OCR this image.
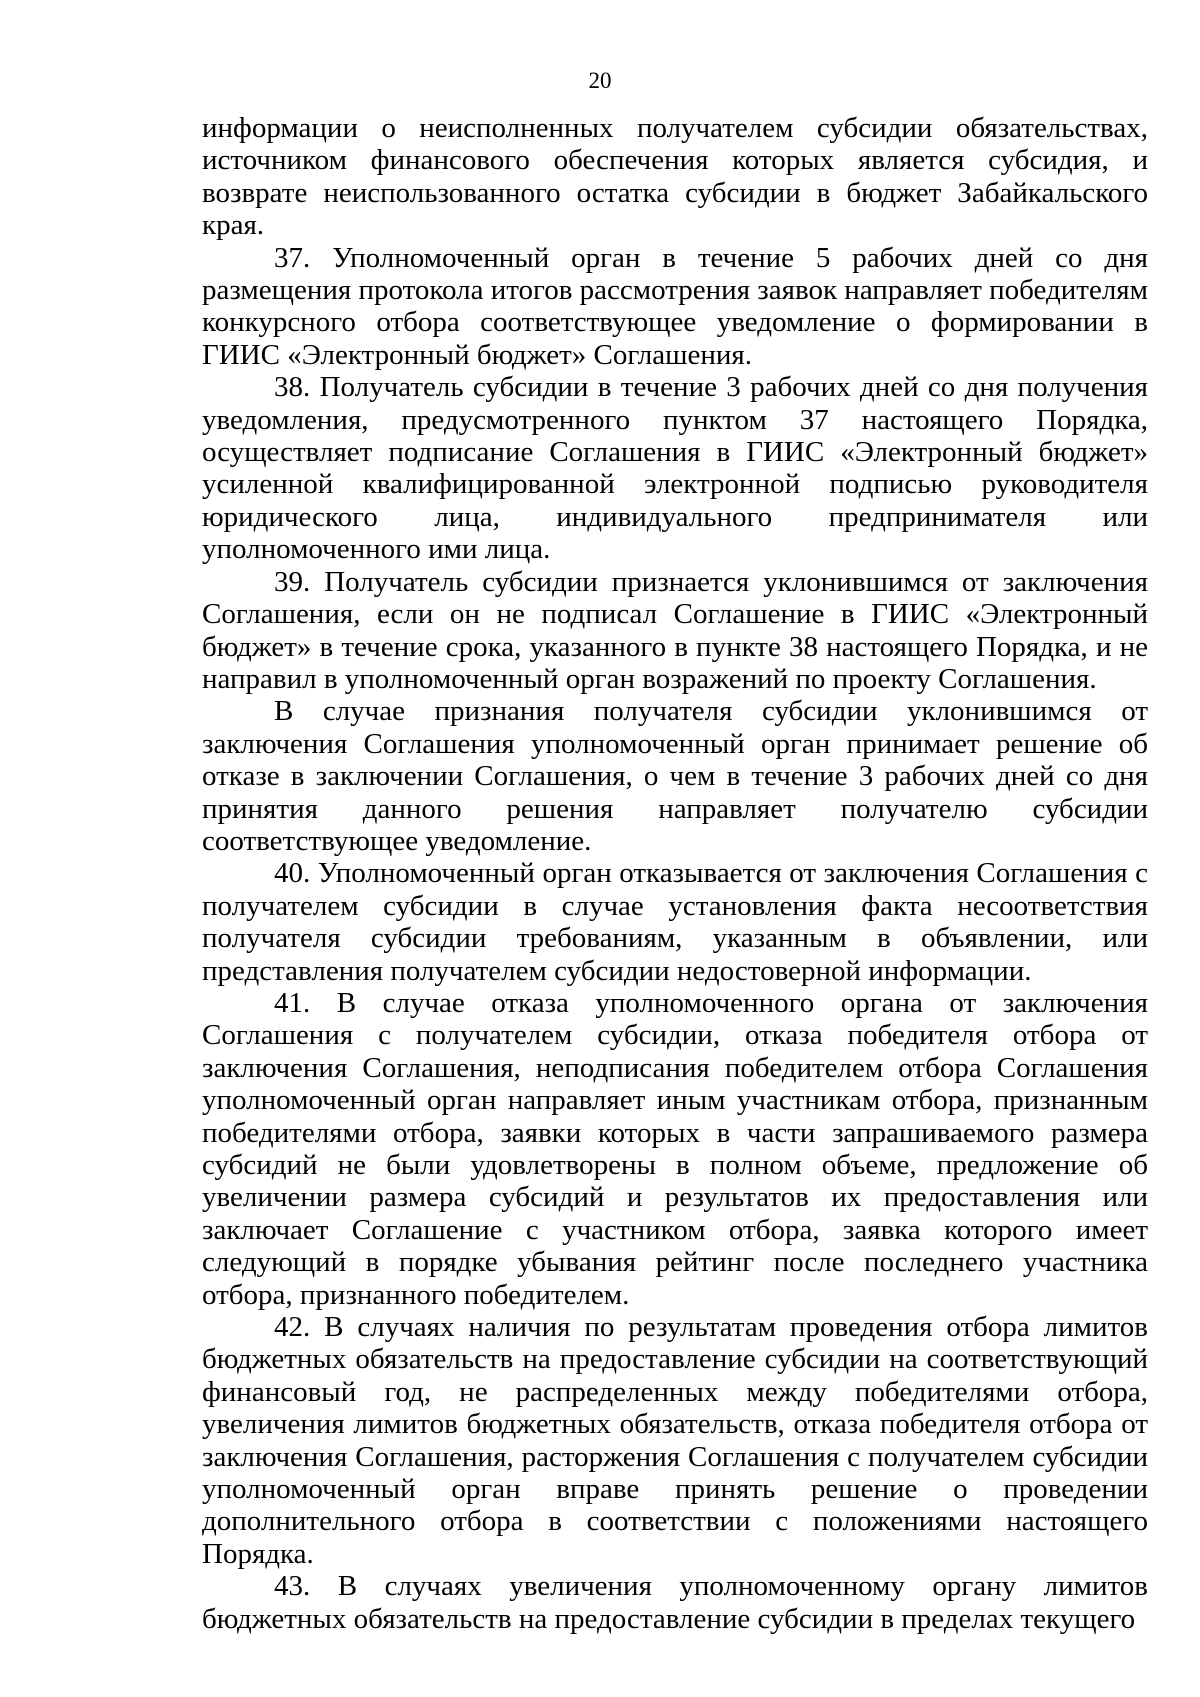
20

информации о неисполненных получателем субсидии обязательствах, источником финансового обеспечения которых является субсидия, и возврате неиспользованного остатка субсидии в бюджет Забайкальского края.

37. Уполномоченный орган в течение 5 рабочих дней со дня размещения протокола итогов рассмотрения заявок направляет победителям конкурсного отбора соответствующее уведомление о формировании в ГИИС «Электронный бюджет» Соглашения.

38. Получатель субсидии в течение 3 рабочих дней со дня получения уведомления, предусмотренного пунктом 37 настоящего Порядка, осуществляет подписание Соглашения в ГИИС «Электронный бюджет» усиленной квалифицированной электронной подписью руководителя юридического лица, индивидуального предпринимателя или уполномоченного ими лица.

39. Получатель субсидии признается уклонившимся от заключения Соглашения, если он не подписал Соглашение в ГИИС «Электронный бюджет» в течение срока, указанного в пункте 38 настоящего Порядка, и не направил в уполномоченный орган возражений по проекту Соглашения.

В случае признания получателя субсидии уклонившимся от заключения Соглашения уполномоченный орган принимает решение об отказе в заключении Соглашения, о чем в течение 3 рабочих дней со дня принятия данного решения направляет получателю субсидии соответствующее уведомление.

40. Уполномоченный орган отказывается от заключения Соглашения с получателем субсидии в случае установления факта несоответствия получателя субсидии требованиям, указанным в объявлении, или представления получателем субсидии недостоверной информации.

41. В случае отказа уполномоченного органа от заключения Соглашения с получателем субсидии, отказа победителя отбора от заключения Соглашения, неподписания победителем отбора Соглашения уполномоченный орган направляет иным участникам отбора, признанным победителями отбора, заявки которых в части запрашиваемого размера субсидий не были удовлетворены в полном объеме, предложение об увеличении размера субсидий и результатов их предоставления или заключает Соглашение с участником отбора, заявка которого имеет следующий в порядке убывания рейтинг после последнего участника отбора, признанного победителем.

42. В случаях наличия по результатам проведения отбора лимитов бюджетных обязательств на предоставление субсидии на соответствующий финансовый год, не распределенных между победителями отбора, увеличения лимитов бюджетных обязательств, отказа победителя отбора от заключения Соглашения, расторжения Соглашения с получателем субсидии уполномоченный орган вправе принять решение о проведении дополнительного отбора в соответствии с положениями настоящего Порядка.

43. В случаях увеличения уполномоченному органу лимитов бюджетных обязательств на предоставление субсидии в пределах текущего
